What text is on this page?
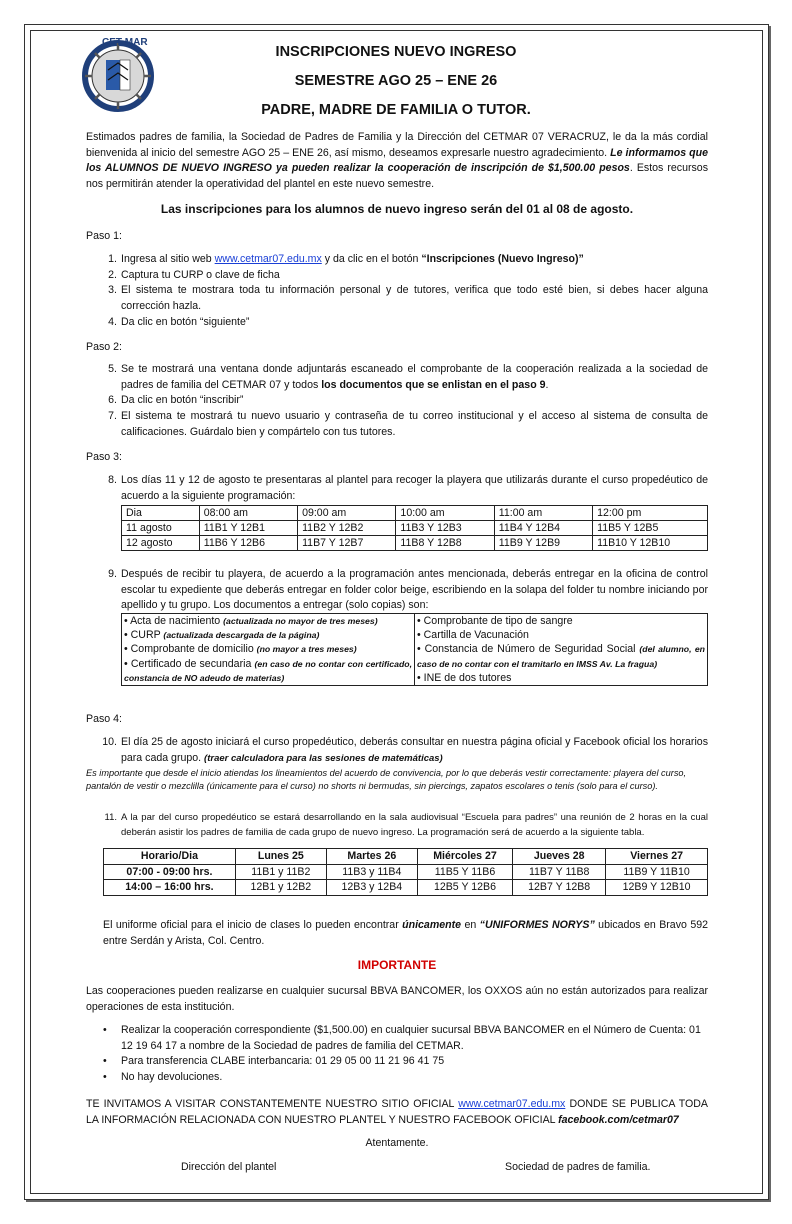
CET MAR
INSCRIPCIONES NUEVO INGRESO
SEMESTRE AGO 25 – ENE 26
PADRE, MADRE DE FAMILIA O TUTOR.
Estimados padres de familia, la Sociedad de Padres de Familia y la Dirección del CETMAR 07 VERACRUZ, le da la más cordial bienvenida al inicio del semestre AGO 25 – ENE 26, así mismo, deseamos expresarle nuestro agradecimiento. Le informamos que los ALUMNOS DE NUEVO INGRESO ya pueden realizar la cooperación de inscripción de $1,500.00 pesos. Estos recursos nos permitirán atender la operatividad del plantel en este nuevo semestre.
Las inscripciones para los alumnos de nuevo ingreso serán del 01 al 08 de agosto.
Paso 1:
1. Ingresa al sitio web www.cetmar07.edu.mx y da clic en el botón “Inscripciones (Nuevo Ingreso)”
2. Captura tu CURP o clave de ficha
3. El sistema te mostrara toda tu información personal y de tutores, verifica que todo esté bien, si debes hacer alguna corrección hazla.
4. Da clic en botón “siguiente”
Paso 2:
5. Se te mostrará una ventana donde adjuntarás escaneado el comprobante de la cooperación realizada a la sociedad de padres de familia del CETMAR 07 y todos los documentos que se enlistan en el paso 9.
6. Da clic en botón “inscribir”
7. El sistema te mostrará tu nuevo usuario y contraseña de tu correo institucional y el acceso al sistema de consulta de calificaciones. Guárdalo bien y compártelo con tus tutores.
Paso 3:
8. Los días 11 y 12 de agosto te presentaras al plantel para recoger la playera que utilizarás durante el curso propedéutico de acuerdo a la siguiente programación:
Dia	08:00 am	09:00 am	10:00 am	11:00 am	12:00 pm
11 agosto	11B1 Y 12B1	11B2 Y 12B2	11B3 Y 12B3	11B4 Y 12B4	11B5 Y 12B5
12 agosto	11B6 Y 12B6	11B7 Y 12B7	11B8 Y 12B8	11B9 Y 12B9	11B10 Y 12B10
9. Después de recibir tu playera, de acuerdo a la programación antes mencionada, deberás entregar en la oficina de control escolar tu expediente que deberás entregar en folder color beige, escribiendo en la solapa del folder tu nombre iniciando por apellido y tu grupo. Los documentos a entregar (solo copias) son:
• Acta de nacimiento (actualizada no mayor de tres meses)
• CURP (actualizada descargada de la página)
• Comprobante de domicilio (no mayor a tres meses)
• Certificado de secundaria (en caso de no contar con certificado, constancia de NO adeudo de materias)

• Comprobante de tipo de sangre
• Cartilla de Vacunación
• Constancia de Número de Seguridad Social (del alumno, en caso de no contar con el tramitarlo en IMSS Av. La fragua)
• INE de dos tutores
Paso 4:
10. El día 25 de agosto iniciará el curso propedéutico, deberás consultar en nuestra página oficial y Facebook oficial los horarios para cada grupo. (traer calculadora para las sesiones de matemáticas)
Es importante que desde el inicio atiendas los lineamientos del acuerdo de convivencia, por lo que deberás vestir correctamente: playera del curso, pantalón de vestir o mezclilla (únicamente para el curso) no shorts ni bermudas, sin piercings, zapatos escolares o tenis (solo para el curso).
11. A la par del curso propedéutico se estará desarrollando en la sala audiovisual “Escuela para padres” una reunión de 2 horas en la cual deberán asistir los padres de familia de cada grupo de nuevo ingreso. La programación será de acuerdo a la siguiente tabla.
Horario/Dia	Lunes 25	Martes 26	Miércoles 27	Jueves 28	Viernes 27
07:00 - 09:00 hrs.	11B1 y 11B2	11B3 y 11B4	11B5 Y 11B6	11B7 Y 11B8	11B9 Y 11B10
14:00 – 16:00 hrs.	12B1 y 12B2	12B3 y 12B4	12B5 Y 12B6	12B7 Y 12B8	12B9 Y 12B10
El uniforme oficial para el inicio de clases lo pueden encontrar únicamente en “UNIFORMES NORYS” ubicados en Bravo 592 entre Serdán y Arista, Col. Centro.
IMPORTANTE
Las cooperaciones pueden realizarse en cualquier sucursal BBVA BANCOMER, los OXXOS aún no están autorizados para realizar operaciones de esta institución.
• Realizar la cooperación correspondiente ($1,500.00) en cualquier sucursal BBVA BANCOMER en el Número de Cuenta: 01 12 19 64 17 a nombre de la Sociedad de padres de familia del CETMAR.
• Para transferencia CLABE interbancaria: 01 29 05 00 11 21 96 41 75
• No hay devoluciones.
TE INVITAMOS A VISITAR CONSTANTEMENTE NUESTRO SITIO OFICIAL www.cetmar07.edu.mx DONDE SE PUBLICA TODA LA INFORMACIÓN RELACIONADA CON NUESTRO PLANTEL Y NUESTRO FACEBOOK OFICIAL facebook.com/cetmar07
Atentamente.
Dirección del plantel	Sociedad de padres de familia.
